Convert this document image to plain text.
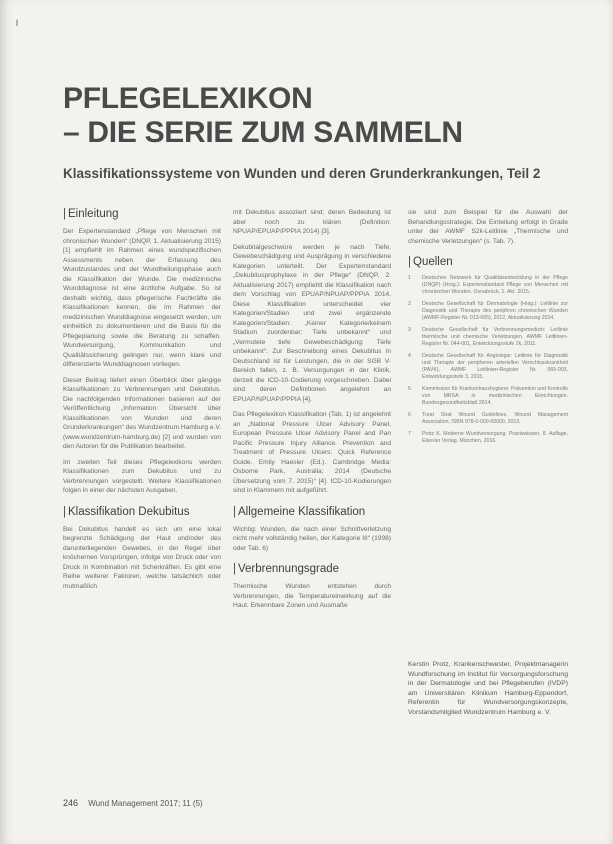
l
PFLEGELEXIKON
– DIE SERIE ZUM SAMMELN
Klassifikationssysteme von Wunden und deren Grunderkrankungen, Teil 2
| Einleitung

Der Expertenstandard „Pflege von Menschen mit chronischen Wunden“ (DNQP, 1. Aktualisierung 2015) [1] empfiehlt im Rahmen eines wundspezifischen Assessments neben der Erfassung des Wundzustandes und der Wundheilungsphase auch die Klassifikation der Wunde. Die medizinische Wunddiagnose ist eine ärztliche Aufgabe. So ist deshalb wichtig, dass pflegerische Fachkräfte die Klassifikationen kennen, die im Rahmen der medizinischen Wunddiagnose eingesetzt werden, um einheitlich zu dokumentieren und die Basis für die Pflegeplanung sowie die Beratung zu schaffen. Wundversorgung, Kommunikation und Qualitätssicherung gelingen nur, wenn klare und differenzierte Wunddiagnosen vorliegen.

Dieser Beitrag liefert einen Überblick über gängige Klassifikationen zu Verbrennungen und Dekubitus. Die nachfolgenden Informationen basieren auf der Veröffentlichung „Information: Übersicht über Klassifikationen von Wunden und deren Grunderkrankungen“ des Wundzentrum Hamburg e.V. (www.wundzentrum-hamburg.de) [2] und wurden von den Autoren für die Publikation bearbeitet.

Im zweiten Teil dieses Pflegelexikons werden Klassifikationen zum Dekubitus und zu Verbrennungen vorgestellt. Weitere Klassifikationen folgen in einer der nächsten Ausgaben.

| Klassifikation Dekubitus

Bei Dekubitus handelt es sich um eine lokal begrenzte Schädigung der Haut und/oder des darunterliegenden Gewebes, in der Regel über knöchernen Vorsprüngen, infolge von Druck oder von Druck in Kombination mit Scherkräften. Es gibt eine Reihe weiterer Faktoren, welche tatsächlich oder mutmaßlich

mit Dekubitus assoziiert sind; deren Bedeutung ist aber noch zu klären (Definition: NPUAP/EPUAP/PPPIA 2014) [3].

Dekubitalgeschwüre werden je nach Tiefe, Gewebeschädigung und Ausprägung in verschiedene Kategorien unterteilt. Der Expertenstandard „Dekubitusprophylaxe in der Pflege“ (DNQP, 2. Aktualisierung 2017) empfiehlt die Klassifikation nach dem Vorschlag von EPUAP/NPUAP/PPPIA 2014. Diese Klassifikation unterscheidet vier Kategorien/Stadien und zwei ergänzende Kategorien/Stadien: „Keiner Kategorie/keinem Stadium zuordenbar: Tiefe unbekannt“ und „Vermutete tiefe Gewebeschädigung: Tiefe unbekannt“. Zur Beschreibung eines Dekubitus in Deutschland ist für Leistungen, die in der SGB V-Bereich fallen, z. B. Versorgungen in der Klinik, derzeit die ICD-10-Codierung vorgeschrieben. Dabei sind deren Definitionen angelehnt an EPUAP/NPUAP/PPPIA [4].

Das Pflegelexikon Klassifikation (Tab. 1) ist angelehnt an „National Pressure Ulcer Advisory Panel, European Pressure Ulcer Advisory Panel and Pan Pacific Pressure Injury Alliance. Prevention and Treatment of Pressure Ulcers: Quick Reference Guide. Emily Haesler (Ed.). Cambridge Media: Osborne Park, Australia; 2014 (Deutsche Übersetzung vom 7. 2015)“ [4]. ICD-10-Kodierungen sind in Klammern mit aufgeführt.

| Allgemeine Klassifikation

Wichtig: Wunden, die nach einer Schnittverletzung nicht mehr vollständig heilen, der Kategorie III“ (1998) oder Tab. 6)

| Verbrennungsgrade

Thermische Wunden entstehen durch Verbrennungen, die Temperatureinwirkung auf die Haut. Erkennbare Zonen und Ausmaße

sie sind zum Beispiel für die Auswahl der Behandlungsstrategie. Die Einteilung erfolgt in Grade unter der AWMF S2k-Leitlinie „Thermische und chemische Verletzungen“ (s. Tab. 7).

| Quellen
1 Deutsches Netzwerk für Qualitätsentwicklung in der Pflege (DNQP) (Hrsg.): Expertenstandard Pflege von Menschen mit chronischen Wunden. Osnabrück, 1. Akt. 2015.
2 Deutsche Gesellschaft für Dermatologie (Hrsg.): Leitlinie zur Diagnostik und Therapie des periphren chronischen Wunden (AWMF-Register Nr. 013-065), 2012, Aktualisierung 2014.
3 Deutsche Gesellschaft für Verbrennungsmedizin: Leitlinie thermische und chemische Verletzungen. AWMF Leitlinien-Register Nr. 044-001, Entwicklungsstufe 2k, 2011.
4 Deutsche Gesellschaft für Angiologie: Leitlinie für Diagnostik und Therapie der peripheren arteriellen Verschlusskrankheit (PAVK), AWMF Leitlinien-Register Nr. 065-003, Entwicklungsstufe 3, 2015.
5 Kommission für Krankenhaushygiene: Prävention und Kontrolle von MRSA in medizinischen Einrichtungen. Bundesgesundheitsblatt 2014.
6 Treat Strat Wound Guidelines, Wound Management Association, ISBN 978-0-000-00000, 2013.
7 Protz K. Moderne Wundversorgung. Praxiswissen, 8. Auflage, Elsevier Verlag, München, 2016.
Kerstin Protz, Krankenschwester, Projektmanagerin Wundforschung im Institut für Versorgungsforschung in der Dermatologie und bei Pflegeberufen (IVDP) am Universitären Klinikum Hamburg-Eppendorf, Referentin für Wundversorgungskonzepte, Vorstandsmitglied Wundzentrum Hamburg e. V.
246 Wund Management 2017; 11 (5)
